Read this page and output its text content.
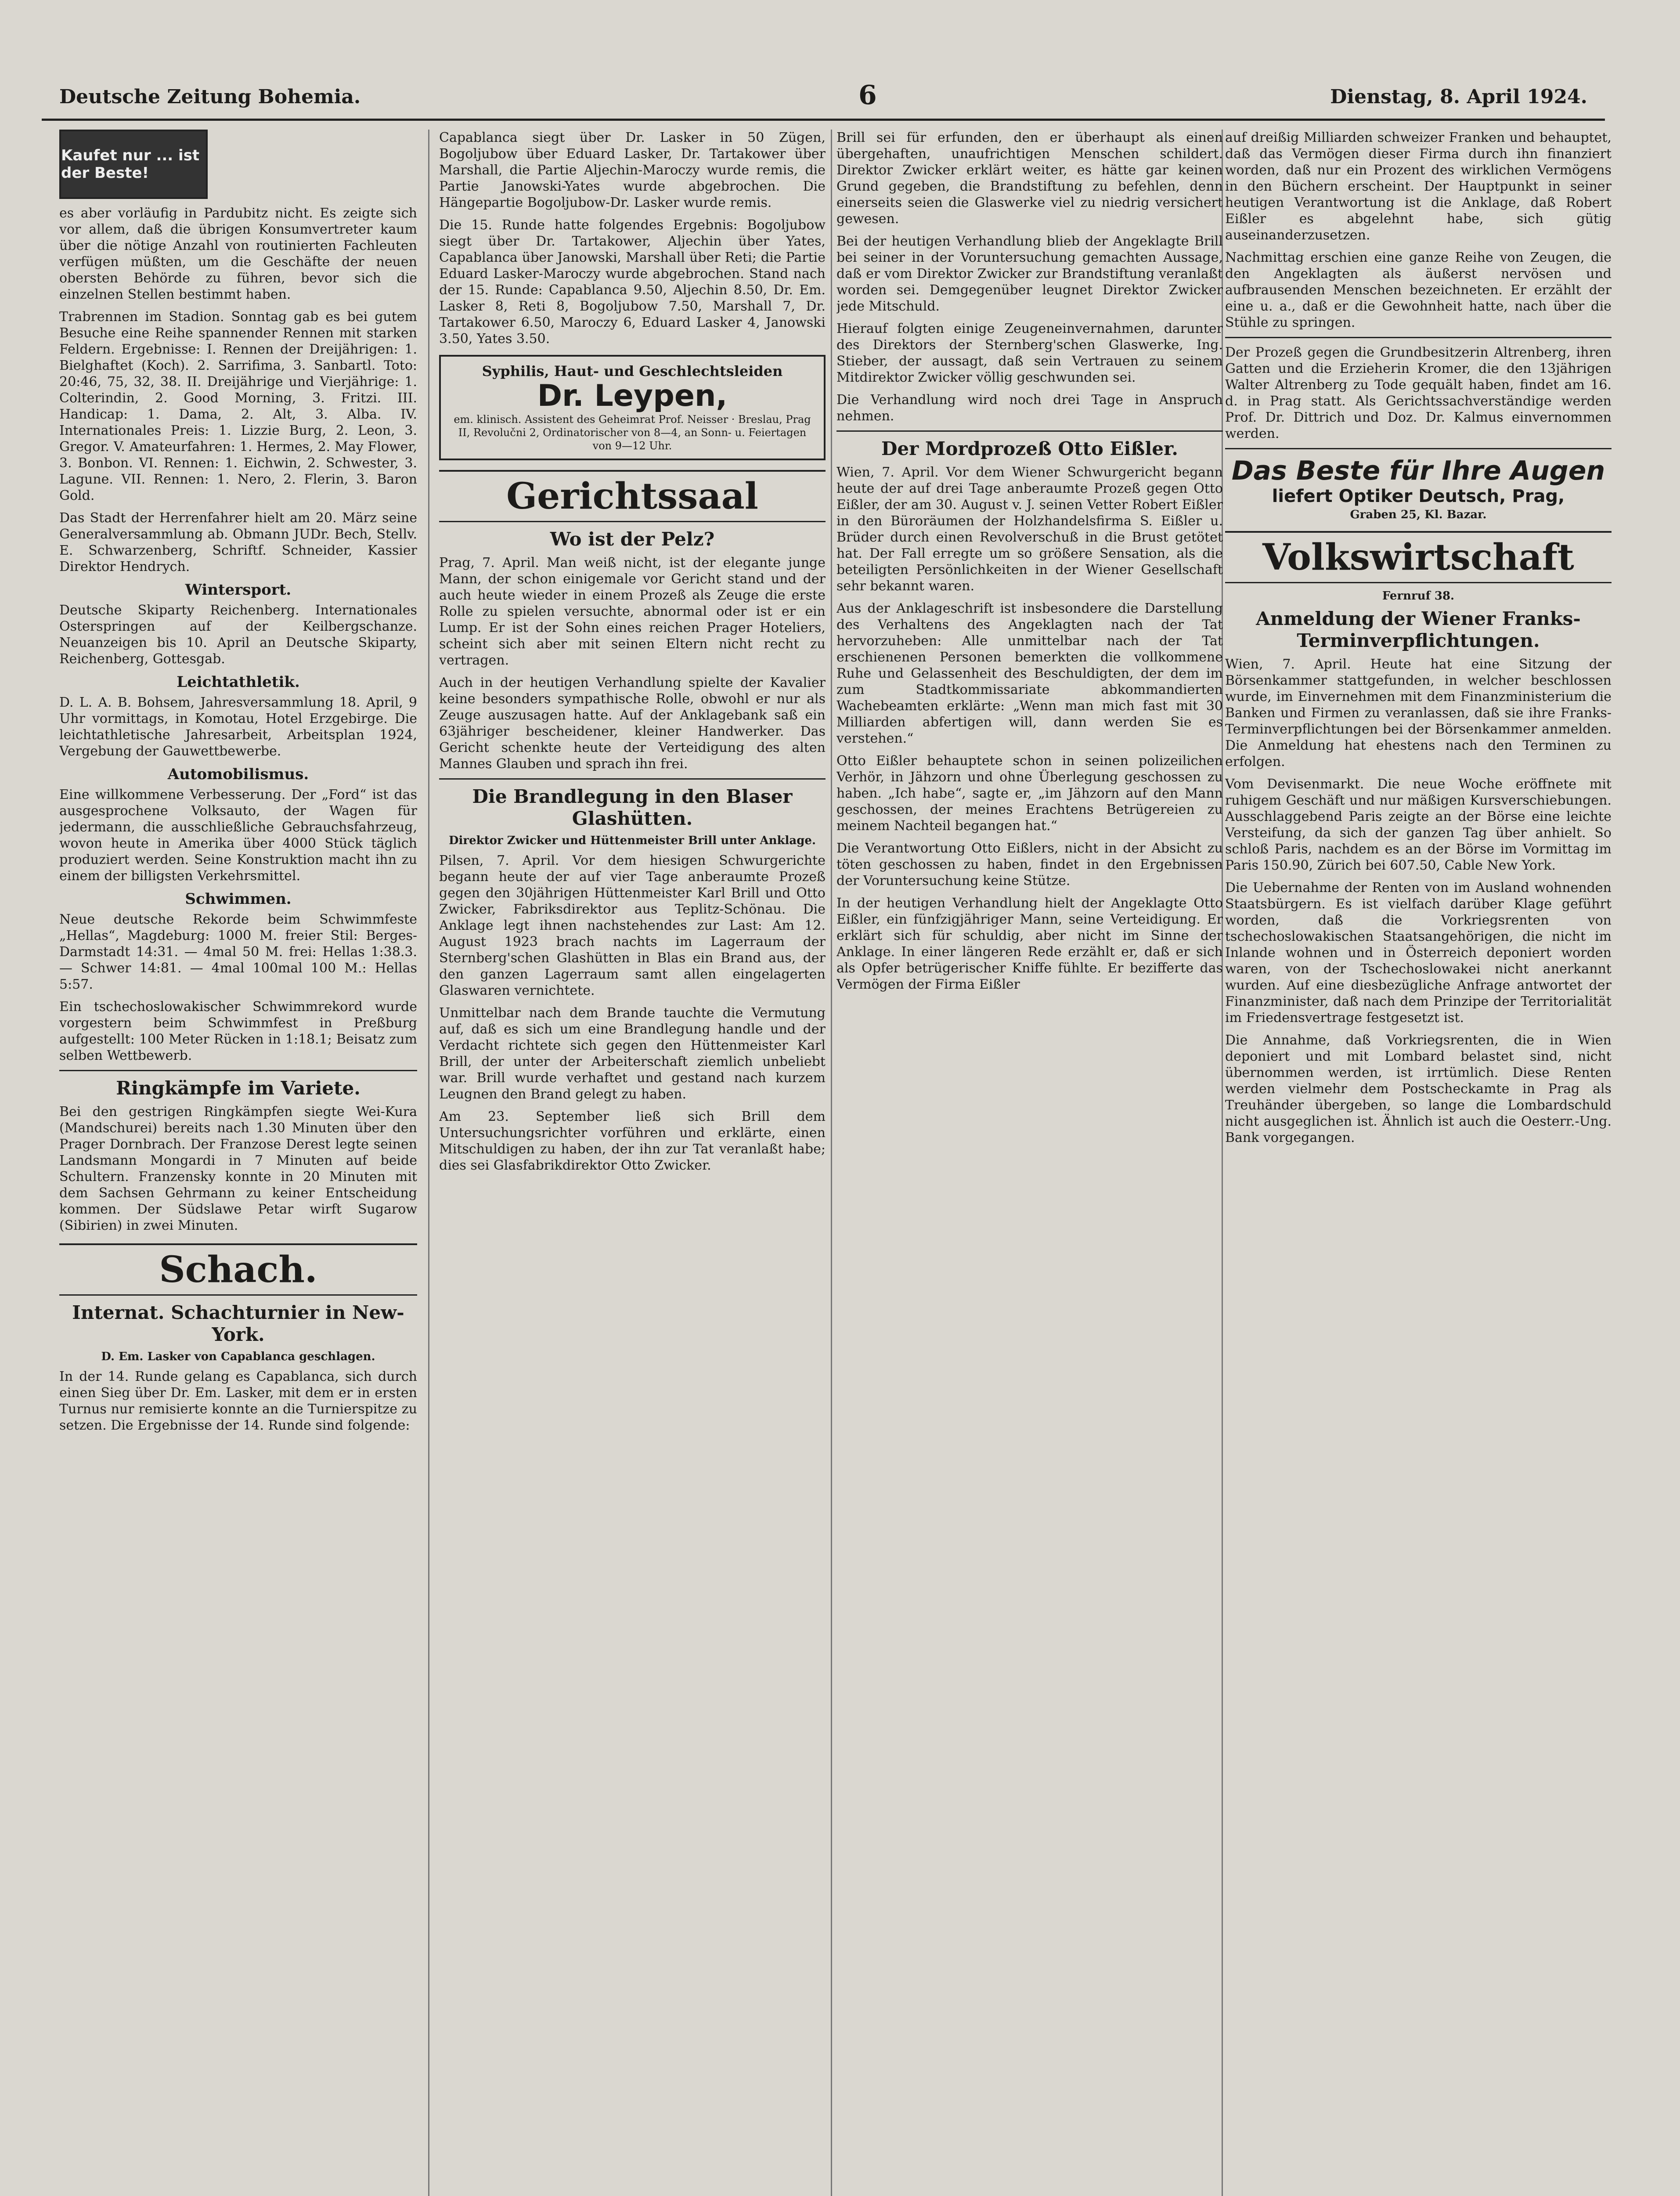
Deutsche Zeitung Bohemia.	6	Dienstag, 8. April 1924.
Kaufet nur ... ist der Beste!

es aber vorläufig in Pardubitz nicht. Es zeigte sich vor allem, daß die übrigen Konsumvertreter kaum über die nötige Anzahl von routinierten Fachleuten verfügen müßten, um die Geschäfte der neuen obersten Behörde zu führen, bevor sich die einzelnen Stellen bestimmt haben.

Trabrennen im Stadion. Sonntag gab es bei gutem Besuche eine Reihe spannender Rennen mit starken Feldern. Ergebnisse: I. Rennen der Dreijährigen: 1. Bielghaftet (Koch). 2. Sarrifima, 3. Sanbartl. Toto: 20:46, 75, 32, 38. II. Dreijährige und Vierjährige: 1. Colterindin, 2. Good Morning, 3. Fritzi. III. Handicap: 1. Dama, 2. Alt, 3. Alba. IV. Internationales Preis: 1. Lizzie Burg, 2. Leon, 3. Gregor. V. Amateurfahren: 1. Hermes, 2. May Flower, 3. Bonbon. VI. Rennen: 1. Eichwin, 2. Schwester, 3. Lagune. VII. Rennen: 1. Nero, 2. Flerin, 3. Baron Gold.

Das Stadt der Herrenfahrer hielt am 20. März seine Generalversammlung ab. Obmann JUDr. Bech, Stellv. E. Schwarzenberg, Schriftf. Schneider, Kassier Direktor Hendrych.

Wintersport.

Deutsche Skiparty Reichenberg. Internationales Osterspringen auf der Keilbergschanze. Neuanzeigen bis 10. April an Deutsche Skiparty, Reichenberg, Gottesgab.

Leichtathletik.

D. L. A. B. Bohsem, Jahresversammlung 18. April, 9 Uhr vormittags, in Komotau, Hotel Erzgebirge. Die leichtathletische Jahresarbeit, Arbeitsplan 1924, Vergebung der Gauwettbewerbe.

Automobilismus.

Eine willkommene Verbesserung. Der „Ford“ ist das ausgesprochene Volksauto, der Wagen für jedermann, die ausschließliche Gebrauchsfahrzeug, wovon heute in Amerika über 4000 Stück täglich produziert werden. Seine Konstruktion macht ihn zu einem der billigsten Verkehrsmittel.

Schwimmen.

Neue deutsche Rekorde beim Schwimmfeste „Hellas“, Magdeburg: 1000 M. freier Stil: Berges-Darmstadt 14:31. — 4mal 50 M. frei: Hellas 1:38.3. — Schwer 14:81. — 4mal 100mal 100 M.: Hellas 5:57.

Ein tschechoslowakischer Schwimmrekord wurde vorgestern beim Schwimmfest in Preßburg aufgestellt: 100 Meter Rücken in 1:18.1; Beisatz zum selben Wettbewerb.

Ringkämpfe im Variete.

Bei den gestrigen Ringkämpfen siegte Wei-Kura (Mandschurei) bereits nach 1.30 Minuten über den Prager Dornbrach. Der Franzose Derest legte seinen Landsmann Mongardi in 7 Minuten auf beide Schultern. Franzensky konnte in 20 Minuten mit dem Sachsen Gehrmann zu keiner Entscheidung kommen. Der Südslawe Petar wirft Sugarow (Sibirien) in zwei Minuten.

Schach.
Internat. Schachturnier in New-York.
D. Em. Lasker von Capablanca geschlagen.

In der 14. Runde gelang es Capablanca, sich durch einen Sieg über Dr. Em. Lasker, mit dem er in ersten Turnus nur remisierte konnte an die Turnierspitze zu setzen. Die Ergebnisse der 14. Runde sind folgende:

Capablanca siegt über Dr. Lasker in 50 Zügen, Bogoljubow über Eduard Lasker, Dr. Tartakower über Marshall, die Partie Aljechin-Maroczy wurde remis, die Partie Janowski-Yates wurde abgebrochen. Die Hängepartie Bogoljubow-Dr. Lasker wurde remis.

Die 15. Runde hatte folgendes Ergebnis: Bogoljubow siegt über Dr. Tartakower, Aljechin über Yates, Capablanca über Janowski, Marshall über Reti; die Partie Eduard Lasker-Maroczy wurde abgebrochen. Stand nach der 15. Runde: Capablanca 9.50, Aljechin 8.50, Dr. Em. Lasker 8, Reti 8, Bogoljubow 7.50, Marshall 7, Dr. Tartakower 6.50, Maroczy 6, Eduard Lasker 4, Janowski 3.50, Yates 3.50.

Syphilis, Haut- und Geschlechtsleiden
Dr. Leypen,
em. klinisch. Assistent des Geheimrat Prof. Neisser · Breslau, Prag II, Revolučni 2, Ordinatorischer von 8—4, an Sonn- u. Feiertagen von 9—12 Uhr.
Gerichtssaal
Wo ist der Pelz?

Prag, 7. April. Man weiß nicht, ist der elegante junge Mann, der schon einigemale vor Gericht stand und der auch heute wieder in einem Prozeß als Zeuge die erste Rolle zu spielen versuchte, abnormal oder ist er ein Lump. Er ist der Sohn eines reichen Prager Hoteliers, scheint sich aber mit seinen Eltern nicht recht zu vertragen.

Auch in der heutigen Verhandlung spielte der Kavalier keine besonders sympathische Rolle, obwohl er nur als Zeuge auszusagen hatte. Auf der Anklagebank saß ein 63jähriger bescheidener, kleiner Handwerker. Das Gericht schenkte heute der Verteidigung des alten Mannes Glauben und sprach ihn frei.

Die Brandlegung in den Blaser Glashütten.
Direktor Zwicker und Hüttenmeister Brill unter Anklage.

Pilsen, 7. April. Vor dem hiesigen Schwurgerichte begann heute der auf vier Tage anberaumte Prozeß gegen den 30jährigen Hüttenmeister Karl Brill und Otto Zwicker, Fabriksdirektor aus Teplitz-Schönau. Die Anklage legt ihnen nachstehendes zur Last: Am 12. August 1923 brach nachts im Lagerraum der Sternberg'schen Glashütten in Blas ein Brand aus, der den ganzen Lagerraum samt allen eingelagerten Glaswaren vernichtete.

Unmittelbar nach dem Brande tauchte die Vermutung auf, daß es sich um eine Brandlegung handle und der Verdacht richtete sich gegen den Hüttenmeister Karl Brill, der unter der Arbeiterschaft ziemlich unbeliebt war. Brill wurde verhaftet und gestand nach kurzem Leugnen den Brand gelegt zu haben.

Am 23. September ließ sich Brill dem Untersuchungsrichter vorführen und erklärte, einen Mitschuldigen zu haben, der ihn zur Tat veranlaßt habe; dies sei Glasfabrikdirektor Otto Zwicker.

Brill sei für erfunden, den er überhaupt als einen übergehaften, unaufrichtigen Menschen schildert. Direktor Zwicker erklärt weiter, es hätte gar keinen Grund gegeben, die Brandstiftung zu befehlen, denn einerseits seien die Glaswerke viel zu niedrig versichert gewesen.

Bei der heutigen Verhandlung blieb der Angeklagte Brill bei seiner in der Voruntersuchung gemachten Aussage, daß er vom Direktor Zwicker zur Brandstiftung veranlaßt worden sei. Demgegenüber leugnet Direktor Zwicker jede Mitschuld.

Hierauf folgten einige Zeugeneinvernahmen, darunter des Direktors der Sternberg'schen Glaswerke, Ing. Stieber, der aussagt, daß sein Vertrauen zu seinem Mitdirektor Zwicker völlig geschwunden sei.

Die Verhandlung wird noch drei Tage in Anspruch nehmen.

Der Mordprozeß Otto Eißler.

Wien, 7. April. Vor dem Wiener Schwurgericht begann heute der auf drei Tage anberaumte Prozeß gegen Otto Eißler, der am 30. August v. J. seinen Vetter Robert Eißler in den Büroräumen der Holzhandelsfirma S. Eißler u. Brüder durch einen Revolverschuß in die Brust getötet hat. Der Fall erregte um so größere Sensation, als die beteiligten Persönlichkeiten in der Wiener Gesellschaft sehr bekannt waren.

Aus der Anklageschrift ist insbesondere die Darstellung des Verhaltens des Angeklagten nach der Tat hervorzuheben: Alle unmittelbar nach der Tat erschienenen Personen bemerkten die vollkommene Ruhe und Gelassenheit des Beschuldigten, der dem im zum Stadtkommissariate abkommandierten Wachebeamten erklärte: „Wenn man mich fast mit 30 Milliarden abfertigen will, dann werden Sie es verstehen.“

Otto Eißler behauptete schon in seinen polizeilichen Verhör, in Jähzorn und ohne Überlegung geschossen zu haben. „Ich habe“, sagte er, „im Jähzorn auf den Mann geschossen, der meines Erachtens Betrügereien zu meinem Nachteil begangen hat.“

Die Verantwortung Otto Eißlers, nicht in der Absicht zu töten geschossen zu haben, findet in den Ergebnissen der Voruntersuchung keine Stütze.

In der heutigen Verhandlung hielt der Angeklagte Otto Eißler, ein fünfzigjähriger Mann, seine Verteidigung. Er erklärt sich für schuldig, aber nicht im Sinne der Anklage. In einer längeren Rede erzählt er, daß er sich als Opfer betrügerischer Kniffe fühlte. Er bezifferte das Vermögen der Firma Eißler

auf dreißig Milliarden schweizer Franken und behauptet, daß das Vermögen dieser Firma durch ihn finanziert worden, daß nur ein Prozent des wirklichen Vermögens in den Büchern erscheint. Der Hauptpunkt in seiner heutigen Verantwortung ist die Anklage, daß Robert Eißler es abgelehnt habe, sich gütig auseinanderzusetzen.

Nachmittag erschien eine ganze Reihe von Zeugen, die den Angeklagten als äußerst nervösen und aufbrausenden Menschen bezeichneten. Er erzählt der eine u. a., daß er die Gewohnheit hatte, nach über die Stühle zu springen.

Der Prozeß gegen die Grundbesitzerin Altrenberg, ihren Gatten und die Erzieherin Kromer, die den 13jährigen Walter Altrenberg zu Tode gequält haben, findet am 16. d. in Prag statt. Als Gerichtssachverständige werden Prof. Dr. Dittrich und Doz. Dr. Kalmus einvernommen werden.

Das Beste für Ihre Augen
liefert Optiker Deutsch, Prag,
Graben 25, Kl. Bazar.
Volkswirtschaft
Fernruf 38.
Anmeldung der Wiener Franks-Terminverpflichtungen.

Wien, 7. April. Heute hat eine Sitzung der Börsenkammer stattgefunden, in welcher beschlossen wurde, im Einvernehmen mit dem Finanzministerium die Banken und Firmen zu veranlassen, daß sie ihre Franks-Terminverpflichtungen bei der Börsenkammer anmelden. Die Anmeldung hat ehestens nach den Terminen zu erfolgen.

Vom Devisenmarkt. Die neue Woche eröffnete mit ruhigem Geschäft und nur mäßigen Kursverschiebungen. Ausschlaggebend Paris zeigte an der Börse eine leichte Versteifung, da sich der ganzen Tag über anhielt. So schloß Paris, nachdem es an der Börse im Vormittag im Paris 150.90, Zürich bei 607.50, Cable New York.

Die Uebernahme der Renten von im Ausland wohnenden Staatsbürgern. Es ist vielfach darüber Klage geführt worden, daß die Vorkriegsrenten von tschechoslowakischen Staatsangehörigen, die nicht im Inlande wohnen und in Österreich deponiert worden waren, von der Tschechoslowakei nicht anerkannt wurden. Auf eine diesbezügliche Anfrage antwortet der Finanzminister, daß nach dem Prinzipe der Territorialität im Friedensvertrage festgesetzt ist.

Die Annahme, daß Vorkriegsrenten, die in Wien deponiert und mit Lombard belastet sind, nicht übernommen werden, ist irrtümlich. Diese Renten werden vielmehr dem Postscheckamte in Prag als Treuhänder übergeben, so lange die Lombardschuld nicht ausgeglichen ist. Ähnlich ist auch die Oesterr.-Ung. Bank vorgegangen.
